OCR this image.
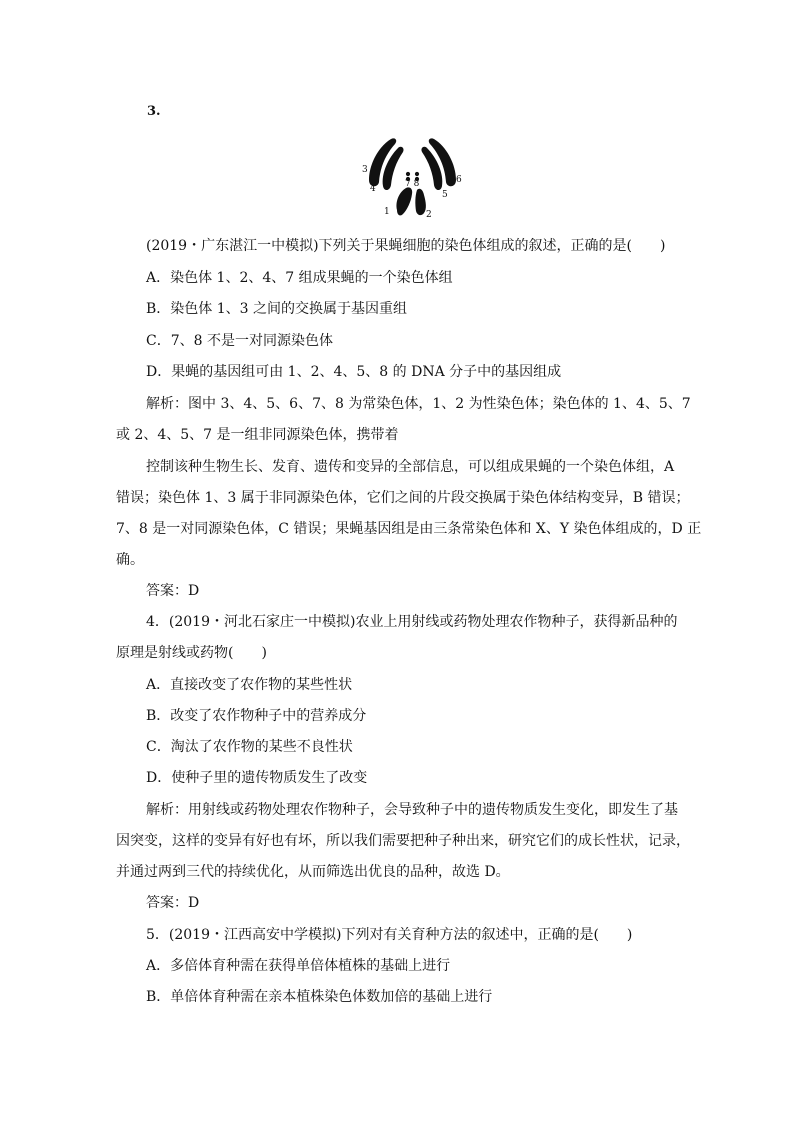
3.
3
4	7 8
5
6
1	2
(2019・广东湛江一中模拟)下列关于果蝇细胞的染色体组成的叙述，正确的是(　　)
A．染色体 1、2、4、7 组成果蝇的一个染色体组
B．染色体 1、3 之间的交换属于基因重组
C．7、8 不是一对同源染色体
D．果蝇的基因组可由 1、2、4、5、8 的 DNA 分子中的基因组成
解析：图中 3、4、5、6、7、8 为常染色体，1、2 为性染色体；染色体的 1、4、5、7
或 2、4、5、7 是一组非同源染色体，携带着
控制该种生物生长、发育、遗传和变异的全部信息，可以组成果蝇的一个染色体组，A
错误；染色体 1、3 属于非同源染色体，它们之间的片段交换属于染色体结构变异，B 错误；
7、8 是一对同源染色体，C 错误；果蝇基因组是由三条常染色体和 X、Y 染色体组成的，D 正
确。
答案：D
4．(2019・河北石家庄一中模拟)农业上用射线或药物处理农作物种子，获得新品种的
原理是射线或药物(　　)
A．直接改变了农作物的某些性状
B．改变了农作物种子中的营养成分
C．淘汰了农作物的某些不良性状
D．使种子里的遗传物质发生了改变
解析：用射线或药物处理农作物种子，会导致种子中的遗传物质发生变化，即发生了基
因突变，这样的变异有好也有坏，所以我们需要把种子种出来，研究它们的成长性状，记录，
并通过两到三代的持续优化，从而筛选出优良的品种，故选 D。
答案：D
5．(2019・江西高安中学模拟)下列对有关育种方法的叙述中，正确的是(　　)
A．多倍体育种需在获得单倍体植株的基础上进行
B．单倍体育种需在亲本植株染色体数加倍的基础上进行
